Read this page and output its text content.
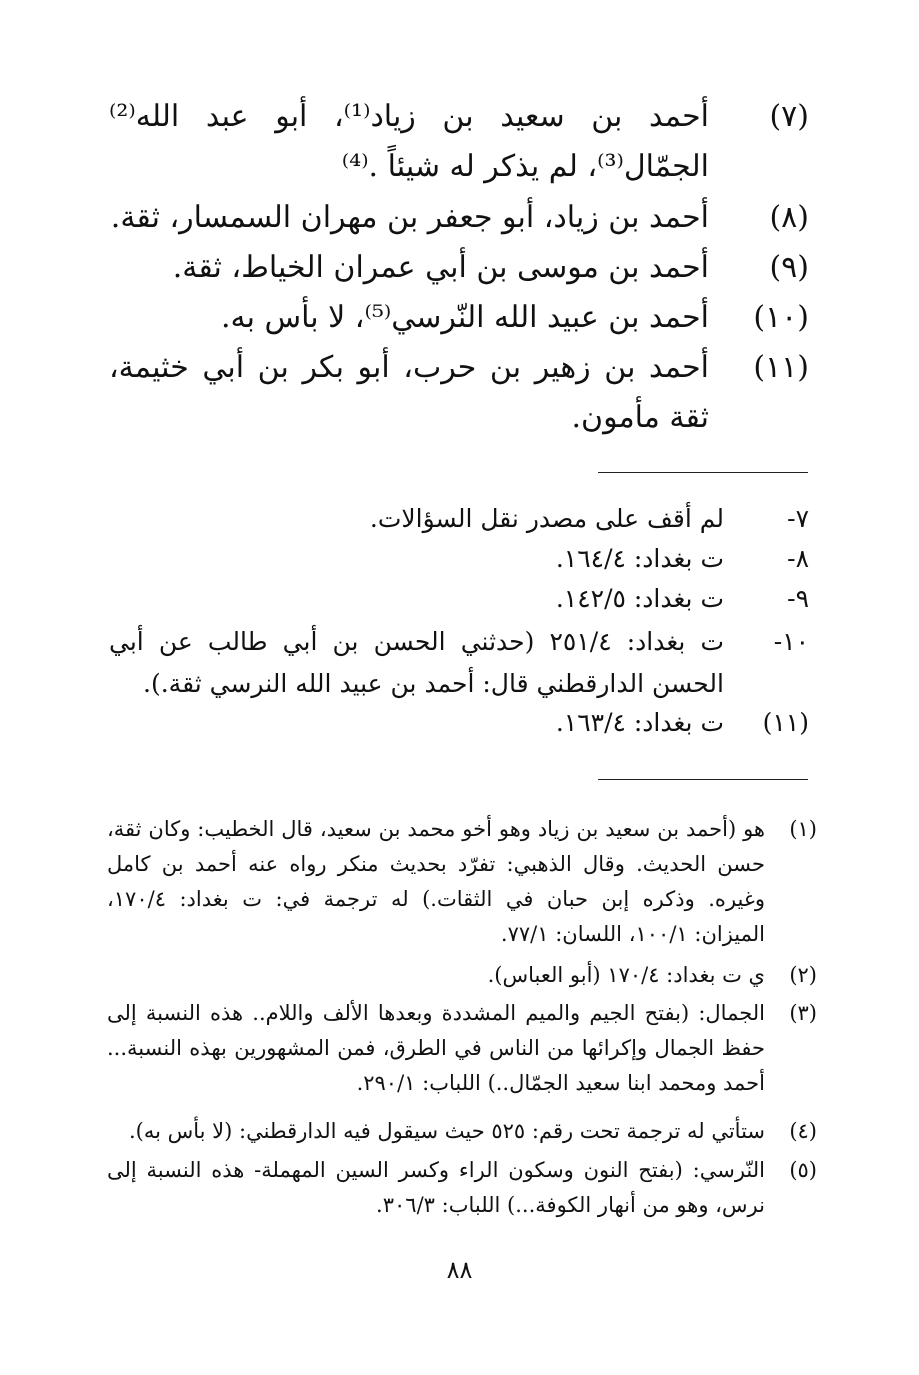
(٧)
أحمد بن سعيد بن زياد⁽¹⁾، أبو عبد الله⁽²⁾ الجمّال⁽³⁾، لم يذكر له شيئاً .⁽⁴⁾
(٨)
أحمد بن زياد، أبو جعفر بن مهران السمسار، ثقة.
(٩)
أحمد بن موسى بن أبي عمران الخياط، ثقة.
(١٠)
أحمد بن عبيد الله النّرسي⁽⁵⁾، لا بأس به.
(١١)
أحمد بن زهير بن حرب، أبو بكر بن أبي خثيمة، ثقة مأمون.
٧-
لم أقف على مصدر نقل السؤالات.
٨-
ت بغداد: ١٦٤/٤.
٩-
ت بغداد: ١٤٢/٥.
١٠-
ت بغداد: ٢٥١/٤ (حدثني الحسن بن أبي طالب عن أبي الحسن الدارقطني قال: أحمد بن عبيد الله النرسي ثقة.).
(١١)
ت بغداد: ١٦٣/٤.
(١)
هو (أحمد بن سعيد بن زياد وهو أخو محمد بن سعيد، قال الخطيب: وكان ثقة، حسن الحديث. وقال الذهبي: تفرّد بحديث منكر رواه عنه أحمد بن كامل وغيره. وذكره إبن حبان في الثقات.) له ترجمة في: ت بغداد: ١٧٠/٤، الميزان: ١٠٠/١، اللسان: ٧٧/١.
(٢)
ي ت بغداد: ١٧٠/٤ (أبو العباس).
(٣)
الجمال: (بفتح الجيم والميم المشددة وبعدها الألف واللام.. هذه النسبة إلى حفظ الجمال وإكرائها من الناس في الطرق، فمن المشهورين بهذه النسبة... أحمد ومحمد ابنا سعيد الجمّال..) اللباب: ٢٩٠/١.
(٤)
ستأتي له ترجمة تحت رقم: ٥٢٥ حيث سيقول فيه الدارقطني: (لا بأس به).
(٥)
النّرسي: (بفتح النون وسكون الراء وكسر السين المهملة- هذه النسبة إلى نرس، وهو من أنهار الكوفة...) اللباب: ٣٠٦/٣.
٨٨
